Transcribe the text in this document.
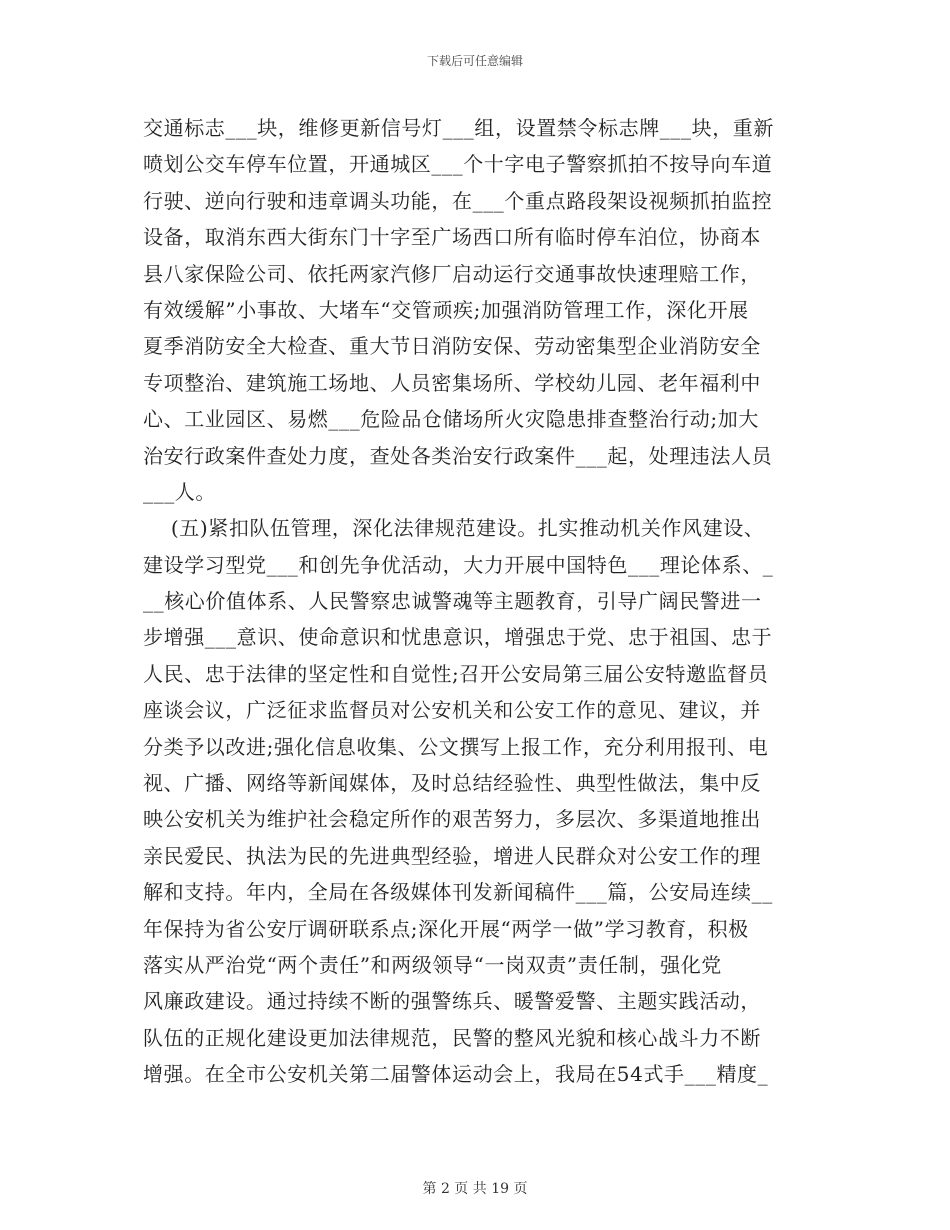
下载后可任意编辑
交通标志___块，维修更新信号灯___组，设置禁令标志牌___块，重新
喷划公交车停车位置，开通城区___个十字电子警察抓拍不按导向车道
行驶、逆向行驶和违章调头功能，在___个重点路段架设视频抓拍监控
设备，取消东西大街东门十字至广场西口所有临时停车泊位，协商本
县八家保险公司、依托两家汽修厂启动运行交通事故快速理赔工作，
有效缓解”小事故、大堵车“交管顽疾;加强消防管理工作，深化开展
夏季消防安全大检查、重大节日消防安保、劳动密集型企业消防安全
专项整治、建筑施工场地、人员密集场所、学校幼儿园、老年福利中
心、工业园区、易燃___危险品仓储场所火灾隐患排查整治行动;加大
治安行政案件查处力度，查处各类治安行政案件___起，处理违法人员
___人。
(五)紧扣队伍管理，深化法律规范建设。扎实推动机关作风建设、
建设学习型党___和创先争优活动，大力开展中国特色___理论体系、_
__核心价值体系、人民警察忠诚警魂等主题教育，引导广阔民警进一
步增强___意识、使命意识和忧患意识，增强忠于党、忠于祖国、忠于
人民、忠于法律的坚定性和自觉性;召开公安局第三届公安特邀监督员
座谈会议，广泛征求监督员对公安机关和公安工作的意见、建议，并
分类予以改进;强化信息收集、公文撰写上报工作，充分利用报刊、电
视、广播、网络等新闻媒体，及时总结经验性、典型性做法，集中反
映公安机关为维护社会稳定所作的艰苦努力，多层次、多渠道地推出
亲民爱民、执法为民的先进典型经验，增进人民群众对公安工作的理
解和支持。年内，全局在各级媒体刊发新闻稿件___篇，公安局连续__
年保持为省公安厅调研联系点;深化开展“两学一做”学习教育，积极
落实从严治党“两个责任”和两级领导“一岗双责”责任制，强化党
风廉政建设。通过持续不断的强警练兵、暖警爱警、主题实践活动，
队伍的正规化建设更加法律规范，民警的整风光貌和核心战斗力不断
增强。在全市公安机关第二届警体运动会上，我局在54式手___精度_
第 2 页 共 19 页
